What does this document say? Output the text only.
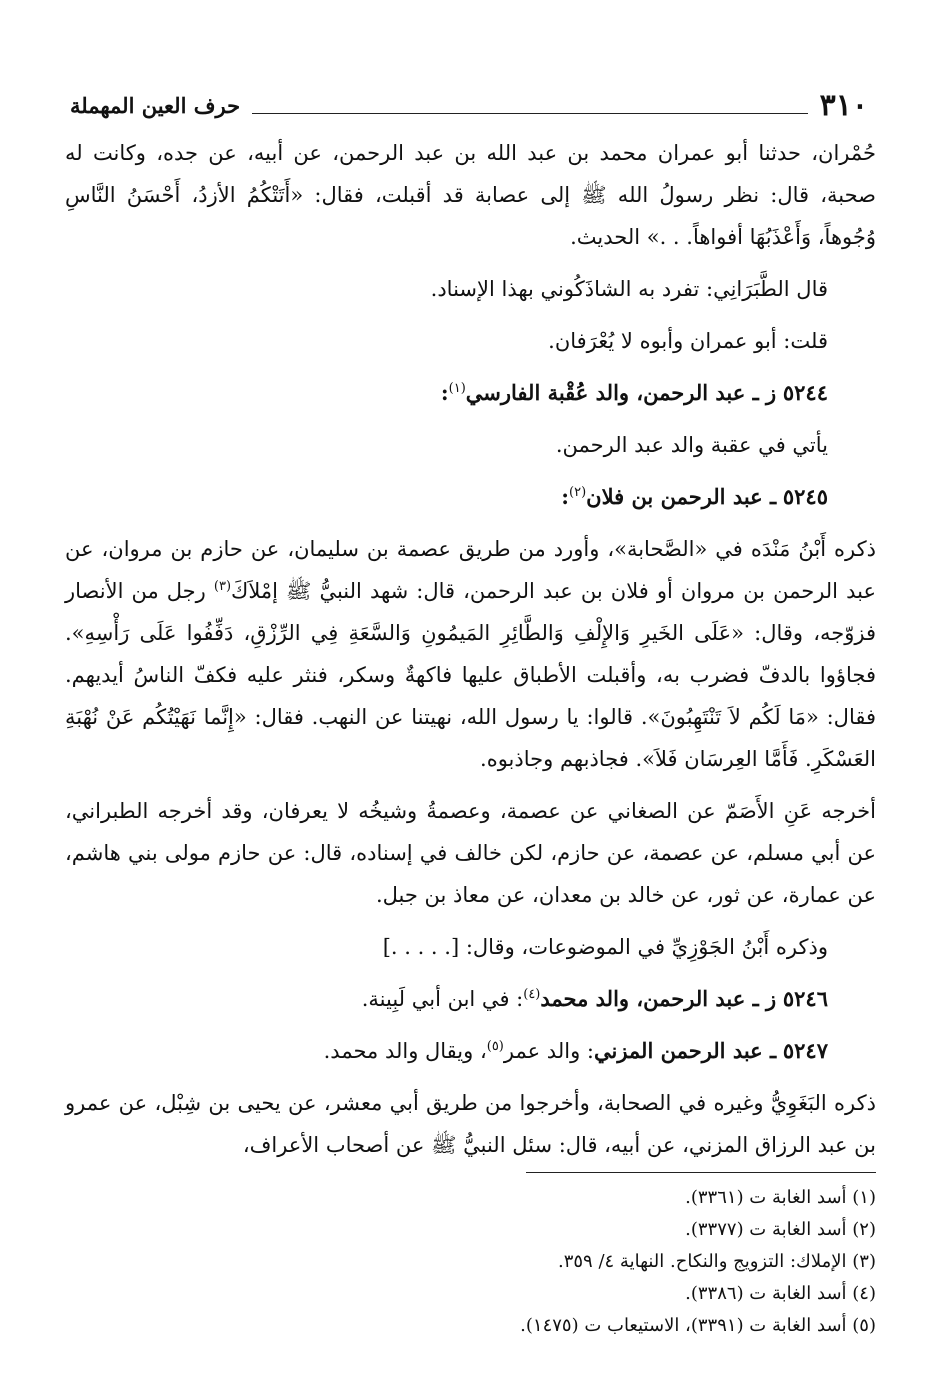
٣١٠
حرف العين المهملة

حُمْران، حدثنا أبو عمران محمد بن عبد الله بن عبد الرحمن، عن أبيه، عن جده، وكانت له صحبة، قال: نظر رسولُ الله ﷺ إلى عصابة قد أقبلت، فقال: «أَتَتْكُمُ الأزدُ، أَحْسَنُ النَّاسِ وُجُوهاً، وَأَعْذَبُهَا أفواهاً. . .» الحديث.

قال الطَّبَرَانِي: تفرد به الشاذَكُوني بهذا الإسناد.

قلت: أبو عمران وأبوه لا يُعْرَفان.

٥٢٤٤ ز ـ عبد الرحمن، والد عُقْبة الفارسي$^{(١)}$:

يأتي في عقبة والد عبد الرحمن.

٥٢٤٥ ـ عبد الرحمن بن فلان$^{(٢)}$:

ذكره أَبْنُ مَنْدَه في «الصَّحابة»، وأورد من طريق عصمة بن سليمان، عن حازم بن مروان، عن عبد الرحمن بن مروان أو فلان بن عبد الرحمن، قال: شهد النبيُّ ﷺ إمْلاَكَ$^{(٣)}$ رجل من الأنصار فزوّجه، وقال: «عَلَى الخَيرِ وَالإِلْفِ وَالطَّائِرِ المَيمُونِ وَالسَّعَةِ فِي الرِّزْقِ، دَفِّفُوا عَلَى رَأْسِهِ». فجاؤوا بالدفّ فضرب به، وأقبلت الأطباق عليها فاكهةٌ وسكر، فنثر عليه فكفّ الناسُ أيديهم. فقال: «مَا لَكُم لاَ تَنْتَهِبُونَ». قالوا: يا رسول الله، نهيتنا عن النهب. فقال: «إِنَّما نَهَيْتُكُم عَنْ نُهْبَةِ العَسْكَرِ. فَأَمَّا العِرسَان فَلاَ». فجاذبهم وجاذبوه.

أخرجه عَنِ الأَصَمّ عن الصغاني عن عصمة، وعصمةُ وشيخُه لا يعرفان، وقد أخرجه الطبراني، عن أبي مسلم، عن عصمة، عن حازم، لكن خالف في إسناده، قال: عن حازم مولى بني هاشم، عن عمارة، عن ثور، عن خالد بن معدان، عن معاذ بن جبل.

وذكره أَبْنُ الجَوْزِيِّ في الموضوعات، وقال: [. . . . .]

٥٢٤٦ ز ـ عبد الرحمن، والد محمد$^{(٤)}$: في ابن أبي لَبِينة.

٥٢٤٧ ـ عبد الرحمن المزني: والد عمر$^{(٥)}$، ويقال والد محمد.

ذكره البَغَوِيُّ وغيره في الصحابة، وأخرجوا من طريق أبي معشر، عن يحيى بن شِبْل، عن عمرو بن عبد الرزاق المزني، عن أبيه، قال: سئل النبيُّ ﷺ عن أصحاب الأعراف،

(١) أسد الغابة ت (٣٣٦١).

(٢) أسد الغابة ت (٣٣٧٧).

(٣) الإملاك: التزويج والنكاح. النهاية ٤/ ٣٥٩.

(٤) أسد الغابة ت (٣٣٨٦).

(٥) أسد الغابة ت (٣٣٩١)، الاستيعاب ت (١٤٧٥).
